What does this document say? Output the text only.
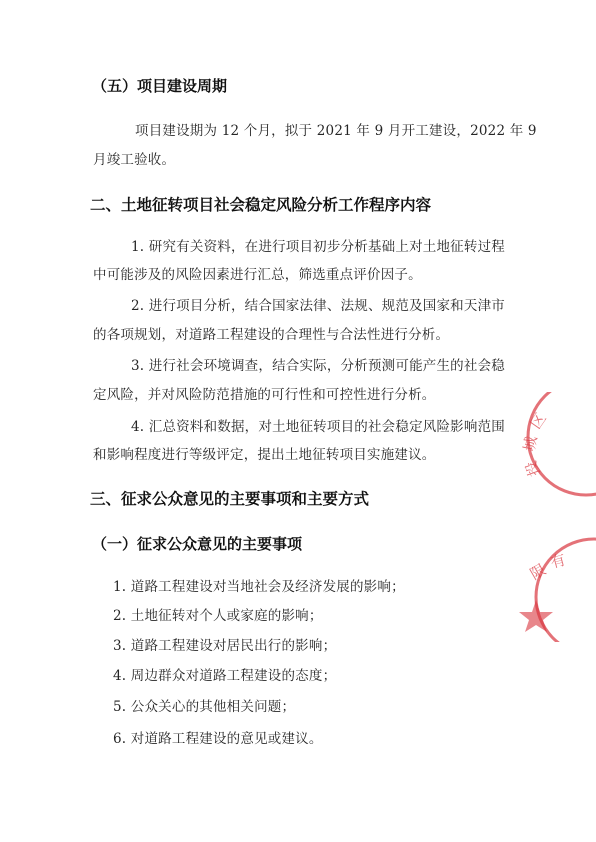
（五）项目建设周期
项目建设期为 12 个月，拟于 2021 年 9 月开工建设，2022 年 9
月竣工验收。
二、土地征转项目社会稳定风险分析工作程序内容
1. 研究有关资料，在进行项目初步分析基础上对土地征转过程
中可能涉及的风险因素进行汇总，筛选重点评价因子。
2. 进行项目分析，结合国家法律、法规、规范及国家和天津市
的各项规划，对道路工程建设的合理性与合法性进行分析。
3. 进行社会环境调查，结合实际，分析预测可能产生的社会稳
定风险，并对风险防范措施的可行性和可控性进行分析。
4. 汇总资料和数据，对土地征转项目的社会稳定风险影响范围
和影响程度进行等级评定，提出土地征转项目实施建议。
三、征求公众意见的主要事项和主要方式
（一）征求公众意见的主要事项
1. 道路工程建设对当地社会及经济发展的影响；
2. 土地征转对个人或家庭的影响；
3. 道路工程建设对居民出行的影响；
4. 周边群众对道路工程建设的态度；
5. 公众关心的其他相关问题；
6. 对道路工程建设的意见或建议。
区
城
投
限 有
